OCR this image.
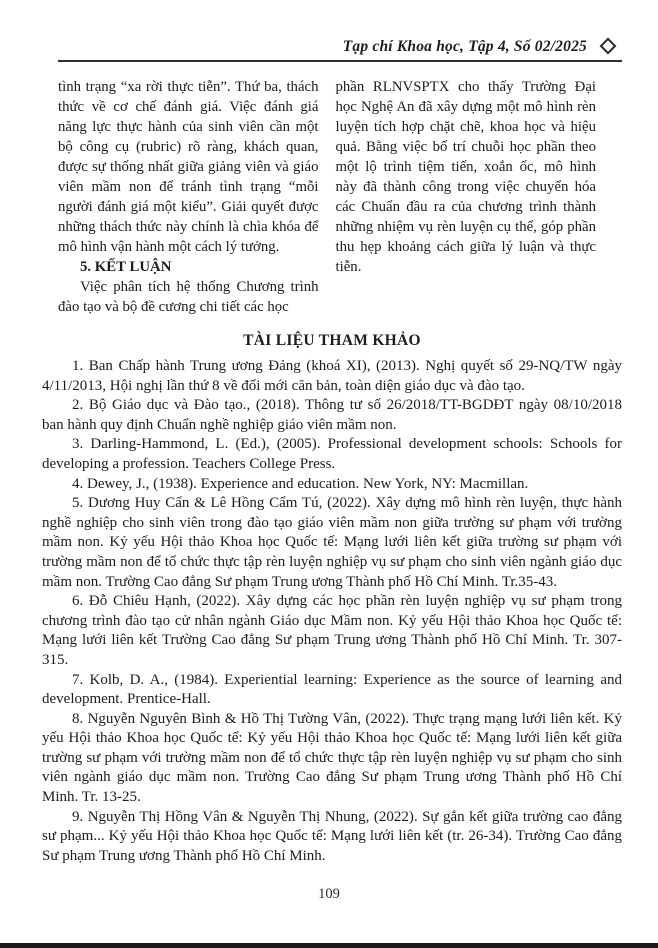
Tạp chí Khoa học, Tập 4, Số 02/2025

tình trạng “xa rời thực tiễn”. Thứ ba, thách thức về cơ chế đánh giá. Việc đánh giá năng lực thực hành của sinh viên cần một bộ công cụ (rubric) rõ ràng, khách quan, được sự thống nhất giữa giảng viên và giáo viên mầm non để tránh tình trạng “mỗi người đánh giá một kiểu”. Giải quyết được những thách thức này chính là chìa khóa để mô hình vận hành một cách lý tưởng.

5. KẾT LUẬN

Việc phân tích hệ thống Chương trình đào tạo và bộ đề cương chi tiết các học

phần RLNVSPTX cho thấy Trường Đại học Nghệ An đã xây dựng một mô hình rèn luyện tích hợp chặt chẽ, khoa học và hiệu quả. Bằng việc bố trí chuỗi học phần theo một lộ trình tiệm tiến, xoắn ốc, mô hình này đã thành công trong việc chuyển hóa các Chuẩn đầu ra của chương trình thành những nhiệm vụ rèn luyện cụ thể, góp phần thu hẹp khoảng cách giữa lý luận và thực tiễn.

TÀI LIỆU THAM KHẢO

1. Ban Chấp hành Trung ương Đảng (khoá XI), (2013). Nghị quyết số 29-NQ/TW ngày 4/11/2013, Hội nghị lần thứ 8 về đổi mới căn bản, toàn diện giáo dục và đào tạo.

2. Bộ Giáo dục và Đào tạo., (2018). Thông tư số 26/2018/TT-BGDĐT ngày 08/10/2018 ban hành quy định Chuẩn nghề nghiệp giáo viên mầm non.

3. Darling-Hammond, L. (Ed.), (2005). Professional development schools: Schools for developing a profession. Teachers College Press.

4. Dewey, J., (1938). Experience and education. New York, NY: Macmillan.

5. Dương Huy Cẩn & Lê Hồng Cẩm Tú, (2022). Xây dựng mô hình rèn luyện, thực hành nghề nghiệp cho sinh viên trong đào tạo giáo viên mầm non giữa trường sư phạm với trường mầm non. Kỷ yếu Hội thảo Khoa học Quốc tế: Mạng lưới liên kết giữa trường sư phạm với trường mầm non để tổ chức thực tập rèn luyện nghiệp vụ sư phạm cho sinh viên ngành giáo dục mầm non. Trường Cao đẳng Sư phạm Trung ương Thành phố Hồ Chí Minh. Tr.35-43.

6. Đỗ Chiêu Hạnh, (2022). Xây dựng các học phần rèn luyện nghiệp vụ sư phạm trong chương trình đào tạo cử nhân ngành Giáo dục Mầm non. Kỷ yếu Hội thảo Khoa học Quốc tế: Mạng lưới liên kết Trường Cao đẳng Sư phạm Trung ương Thành phố Hồ Chí Minh. Tr. 307-315.

7. Kolb, D. A., (1984). Experiential learning: Experience as the source of learning and development. Prentice-Hall.

8. Nguyễn Nguyên Bình & Hồ Thị Tường Vân, (2022). Thực trạng mạng lưới liên kết. Kỷ yếu Hội thảo Khoa học Quốc tế: Kỷ yếu Hội thảo Khoa học Quốc tế: Mạng lưới liên kết giữa trường sư phạm với trường mầm non để tổ chức thực tập rèn luyện nghiệp vụ sư phạm cho sinh viên ngành giáo dục mầm non. Trường Cao đẳng Sư phạm Trung ương Thành phố Hồ Chí Minh. Tr. 13-25.

9. Nguyễn Thị Hồng Vân & Nguyễn Thị Nhung, (2022). Sự gắn kết giữa trường cao đẳng sư phạm... Kỷ yếu Hội thảo Khoa học Quốc tế: Mạng lưới liên kết (tr. 26-34). Trường Cao đẳng Sư phạm Trung ương Thành phố Hồ Chí Minh.

109
